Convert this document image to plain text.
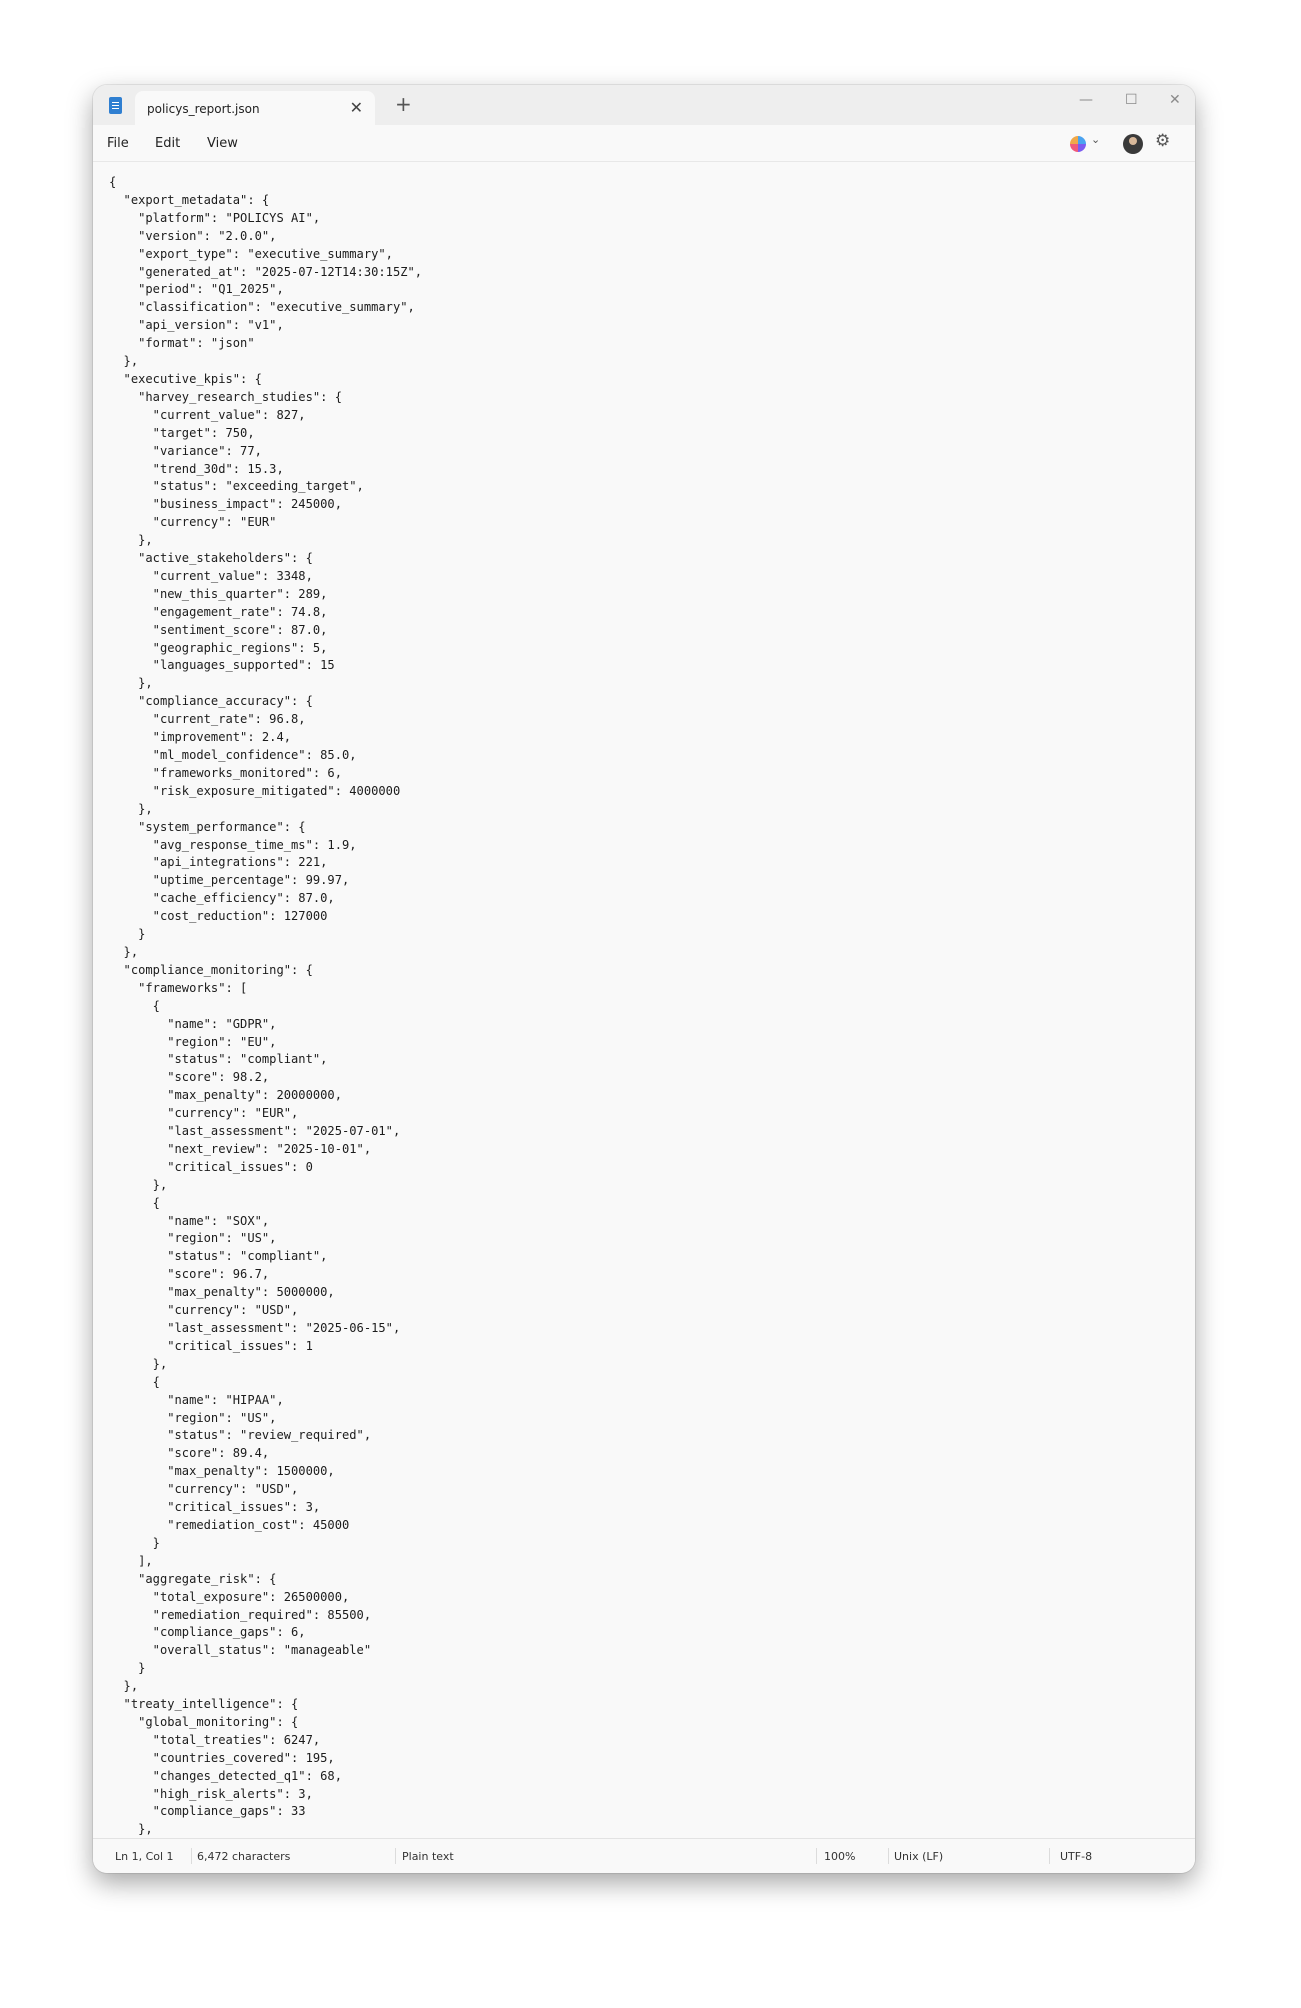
policys_report.json	✕ +	— ☐ ✕
File Edit View	⌄	⚙
{
"export_metadata": {
"platform": "POLICYS AI",
"version": "2.0.0",
"export_type": "executive_summary",
"generated_at": "2025-07-12T14:30:15Z",
"period": "Q1_2025",
"classification": "executive_summary",
"api_version": "v1",
"format": "json"
},
"executive_kpis": {
"harvey_research_studies": {
"current_value": 827,
"target": 750,
"variance": 77,
"trend_30d": 15.3,
"status": "exceeding_target",
"business_impact": 245000,
"currency": "EUR"
},
"active_stakeholders": {
"current_value": 3348,
"new_this_quarter": 289,
"engagement_rate": 74.8,
"sentiment_score": 87.0,
"geographic_regions": 5,
"languages_supported": 15
},
"compliance_accuracy": {
"current_rate": 96.8,
"improvement": 2.4,
"ml_model_confidence": 85.0,
"frameworks_monitored": 6,
"risk_exposure_mitigated": 4000000
},
"system_performance": {
"avg_response_time_ms": 1.9,
"api_integrations": 221,
"uptime_percentage": 99.97,
"cache_efficiency": 87.0,
"cost_reduction": 127000
}
},
"compliance_monitoring": {
"frameworks": [
{
"name": "GDPR",
"region": "EU",
"status": "compliant",
"score": 98.2,
"max_penalty": 20000000,
"currency": "EUR",
"last_assessment": "2025-07-01",
"next_review": "2025-10-01",
"critical_issues": 0
},
{
"name": "SOX",
"region": "US",
"status": "compliant",
"score": 96.7,
"max_penalty": 5000000,
"currency": "USD",
"last_assessment": "2025-06-15",
"critical_issues": 1
},
{
"name": "HIPAA",
"region": "US",
"status": "review_required",
"score": 89.4,
"max_penalty": 1500000,
"currency": "USD",
"critical_issues": 3,
"remediation_cost": 45000
}
],
"aggregate_risk": {
"total_exposure": 26500000,
"remediation_required": 85500,
"compliance_gaps": 6,
"overall_status": "manageable"
}
},
"treaty_intelligence": {
"global_monitoring": {
"total_treaties": 6247,
"countries_covered": 195,
"changes_detected_q1": 68,
"high_risk_alerts": 3,
"compliance_gaps": 33
},
Ln 1, Col 1 6,472 characters	Plain text	100%	Unix (LF)	UTF-8
